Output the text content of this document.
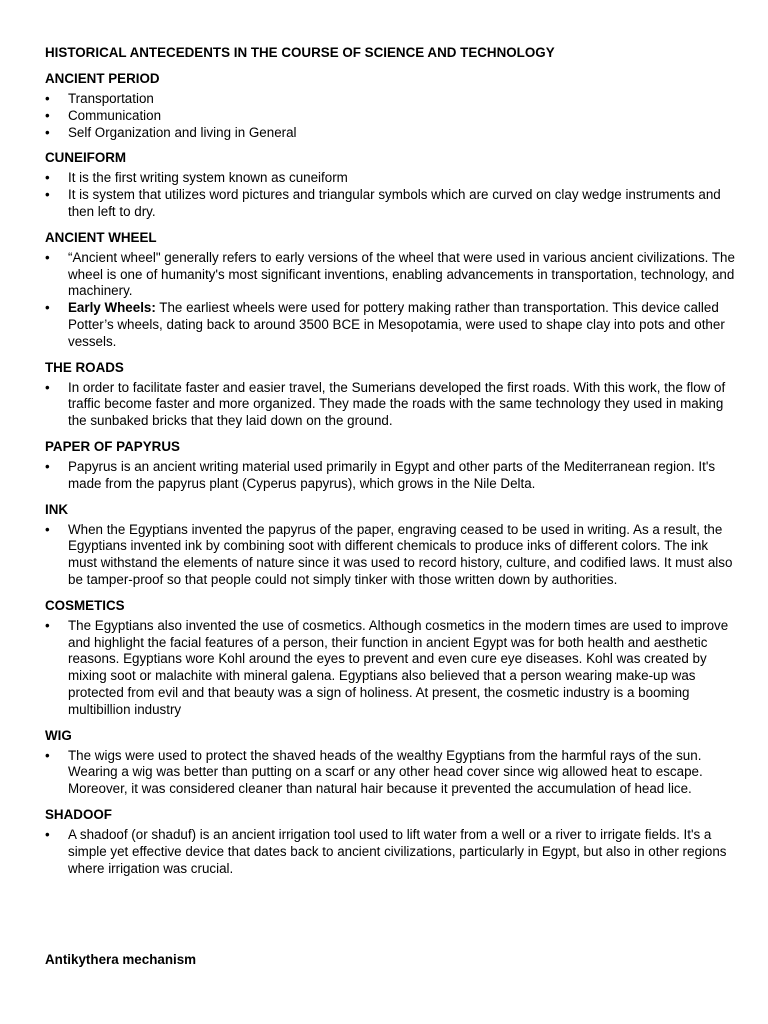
HISTORICAL ANTECEDENTS IN THE COURSE OF SCIENCE AND TECHNOLOGY
ANCIENT PERIOD
•	Transportation
•	Communication
•	Self Organization and living in General
CUNEIFORM
•	It is the first writing system known as cuneiform
•	It is system that utilizes word pictures and triangular symbols which are curved on clay wedge instruments and then left to dry.
ANCIENT WHEEL
•	“Ancient wheel" generally refers to early versions of the wheel that were used in various ancient civilizations. The wheel is one of humanity's most significant inventions, enabling advancements in transportation, technology, and machinery.
•	Early Wheels: The earliest wheels were used for pottery making rather than transportation. This device called Potter’s wheels, dating back to around 3500 BCE in Mesopotamia, were used to shape clay into pots and other vessels.
THE ROADS
•	In order to facilitate faster and easier travel, the Sumerians developed the first roads. With this work, the flow of traffic become faster and more organized. They made the roads with the same technology they used in making the sunbaked bricks that they laid down on the ground.
PAPER OF PAPYRUS
•	Papyrus is an ancient writing material used primarily in Egypt and other parts of the Mediterranean region. It's made from the papyrus plant (Cyperus papyrus), which grows in the Nile Delta.
INK
•	When the Egyptians invented the papyrus of the paper, engraving ceased to be used in writing. As a result, the Egyptians invented ink by combining soot with different chemicals to produce inks of different colors. The ink must withstand the elements of nature since it was used to record history, culture, and codified laws. It must also be tamper-proof so that people could not simply tinker with those written down by authorities.
COSMETICS
•	The Egyptians also invented the use of cosmetics. Although cosmetics in the modern times are used to improve and highlight the facial features of a person, their function in ancient Egypt was for both health and aesthetic reasons. Egyptians wore Kohl around the eyes to prevent and even cure eye diseases. Kohl was created by mixing soot or malachite with mineral galena. Egyptians also believed that a person wearing make-up was protected from evil and that beauty was a sign of holiness. At present, the cosmetic industry is a booming multibillion industry
WIG
•	The wigs were used to protect the shaved heads of the wealthy Egyptians from the harmful rays of the sun. Wearing a wig was better than putting on a scarf or any other head cover since wig allowed heat to escape. Moreover, it was considered cleaner than natural hair because it prevented the accumulation of head lice.
SHADOOF
•	A shadoof (or shaduf) is an ancient irrigation tool used to lift water from a well or a river to irrigate fields. It's a simple yet effective device that dates back to ancient civilizations, particularly in Egypt, but also in other regions where irrigation was crucial.
Antikythera mechanism
